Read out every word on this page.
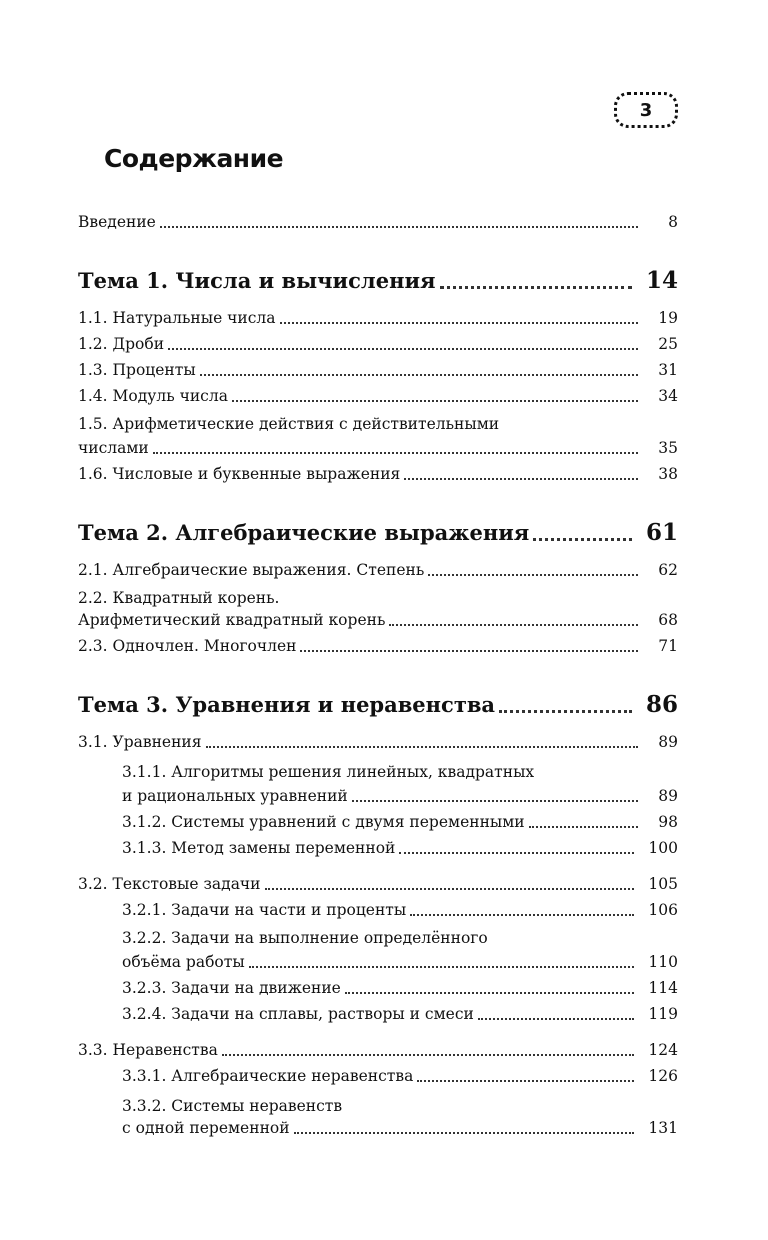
3
Содержание
Введение	8
Тема 1. Числа и вычисления	14
1.1. Натуральные числа	19
1.2. Дроби	25
1.3. Проценты	31
1.4. Модуль числа	34
1.5. Арифметические действия с действительными
числами	35
1.6. Числовые и буквенные выражения	38
Тема 2. Алгебраические выражения	61
2.1. Алгебраические выражения. Степень	62
2.2. Квадратный корень.
Арифметический квадратный корень	68
2.3. Одночлен. Многочлен	71
Тема 3. Уравнения и неравенства	86
3.1. Уравнения	89
3.1.1. Алгоритмы решения линейных, квадратных
и рациональных уравнений	89
3.1.2. Системы уравнений с двумя переменными	98
3.1.3. Метод замены переменной	100
3.2. Текстовые задачи	105
3.2.1. Задачи на части и проценты	106
3.2.2. Задачи на выполнение определённого
объёма работы	110
3.2.3. Задачи на движение	114
3.2.4. Задачи на сплавы, растворы и смеси	119
3.3. Неравенства	124
3.3.1. Алгебраические неравенства	126
3.3.2. Системы неравенств
с одной переменной	131
